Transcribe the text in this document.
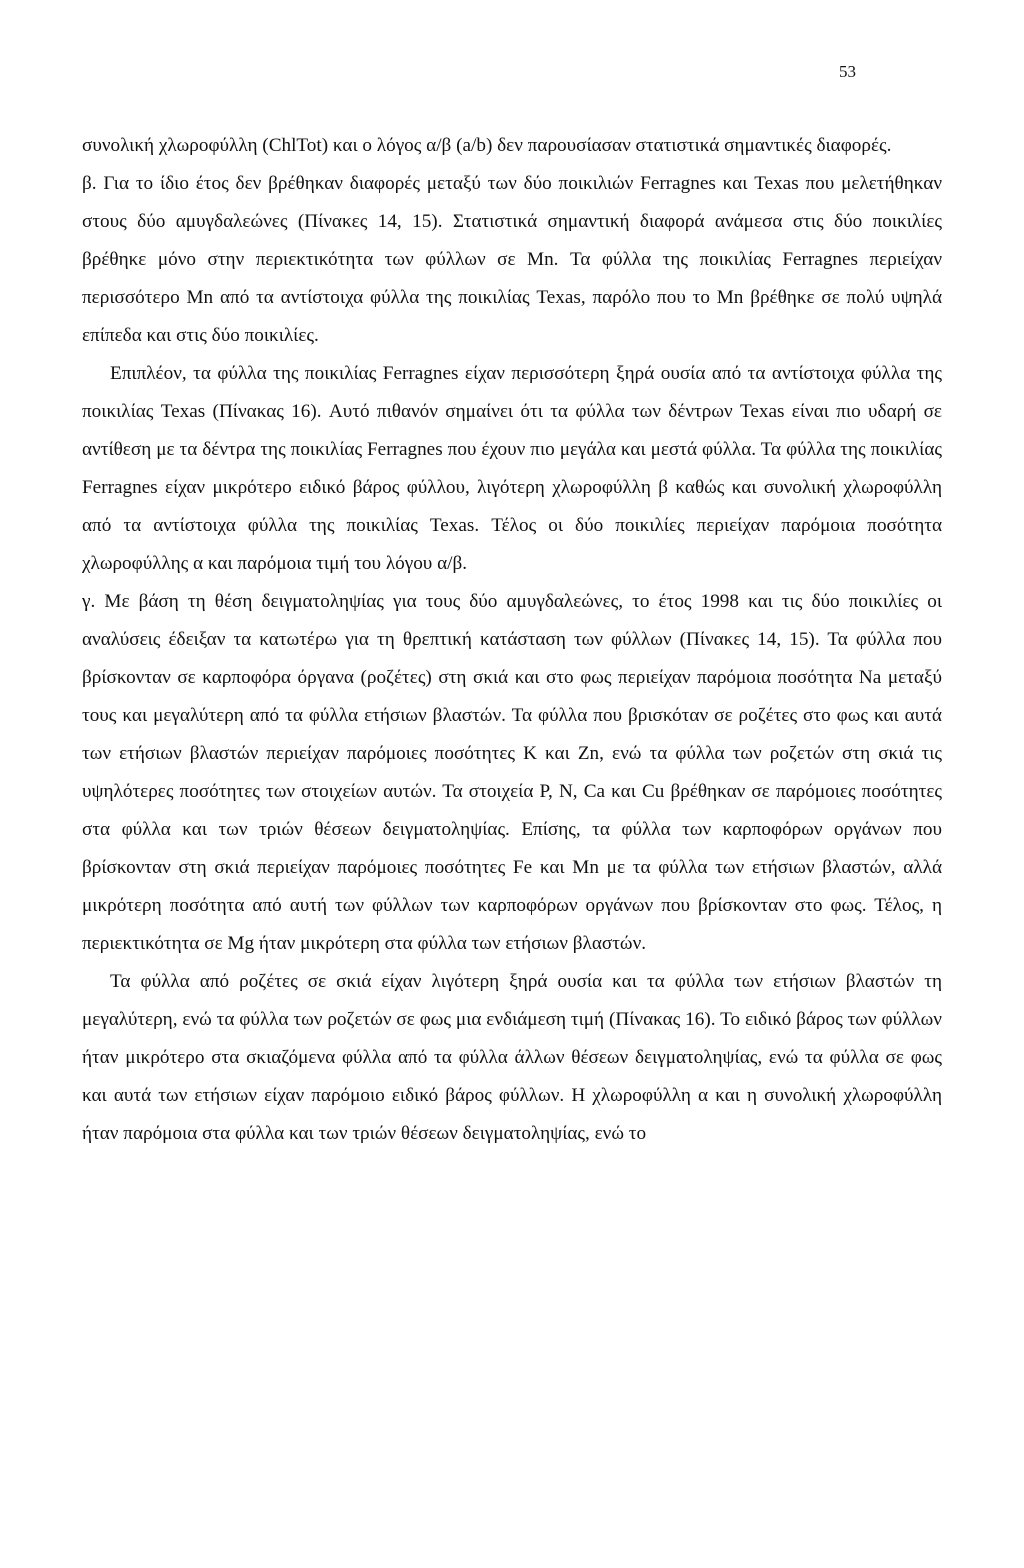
53

συνολική χλωροφύλλη (ChlTot) και ο λόγος α/β (a/b) δεν παρουσίασαν στατιστικά σημαντικές διαφορές.

β. Για το ίδιο έτος δεν βρέθηκαν διαφορές μεταξύ των δύο ποικιλιών Ferragnes και Texas που μελετήθηκαν στους δύο αμυγδαλεώνες (Πίνακες 14, 15). Στατιστικά σημαντική διαφορά ανάμεσα στις δύο ποικιλίες βρέθηκε μόνο στην περιεκτικότητα των φύλλων σε Mn. Τα φύλλα της ποικιλίας Ferragnes περιείχαν περισσότερο Mn από τα αντίστοιχα φύλλα της ποικιλίας Texas, παρόλο που το Mn βρέθηκε σε πολύ υψηλά επίπεδα και στις δύο ποικιλίες.

Επιπλέον, τα φύλλα της ποικιλίας Ferragnes είχαν περισσότερη ξηρά ουσία από τα αντίστοιχα φύλλα της ποικιλίας Texas (Πίνακας 16). Αυτό πιθανόν σημαίνει ότι τα φύλλα των δέντρων Texas είναι πιο υδαρή σε αντίθεση με τα δέντρα της ποικιλίας Ferragnes που έχουν πιο μεγάλα και μεστά φύλλα. Τα φύλλα της ποικιλίας Ferragnes είχαν μικρότερο ειδικό βάρος φύλλου, λιγότερη χλωροφύλλη β καθώς και συνολική χλωροφύλλη από τα αντίστοιχα φύλλα της ποικιλίας Texas. Τέλος οι δύο ποικιλίες περιείχαν παρόμοια ποσότητα χλωροφύλλης α και παρόμοια τιμή του λόγου α/β.

γ. Με βάση τη θέση δειγματοληψίας για τους δύο αμυγδαλεώνες, το έτος 1998 και τις δύο ποικιλίες οι αναλύσεις έδειξαν τα κατωτέρω για τη θρεπτική κατάσταση των φύλλων (Πίνακες 14, 15). Τα φύλλα που βρίσκονταν σε καρποφόρα όργανα (ροζέτες) στη σκιά και στο φως περιείχαν παρόμοια ποσότητα Na μεταξύ τους και μεγαλύτερη από τα φύλλα ετήσιων βλαστών. Τα φύλλα που βρισκόταν σε ροζέτες στο φως και αυτά των ετήσιων βλαστών περιείχαν παρόμοιες ποσότητες K και Zn, ενώ τα φύλλα των ροζετών στη σκιά τις υψηλότερες ποσότητες των στοιχείων αυτών. Τα στοιχεία P, N, Ca και Cu βρέθηκαν σε παρόμοιες ποσότητες στα φύλλα και των τριών θέσεων δειγματοληψίας. Επίσης, τα φύλλα των καρποφόρων οργάνων που βρίσκονταν στη σκιά περιείχαν παρόμοιες ποσότητες Fe και Mn με τα φύλλα των ετήσιων βλαστών, αλλά μικρότερη ποσότητα από αυτή των φύλλων των καρποφόρων οργάνων που βρίσκονταν στο φως. Τέλος, η περιεκτικότητα σε Mg ήταν μικρότερη στα φύλλα των ετήσιων βλαστών.

Τα φύλλα από ροζέτες σε σκιά είχαν λιγότερη ξηρά ουσία και τα φύλλα των ετήσιων βλαστών τη μεγαλύτερη, ενώ τα φύλλα των ροζετών σε φως μια ενδιάμεση τιμή (Πίνακας 16). Το ειδικό βάρος των φύλλων ήταν μικρότερο στα σκιαζόμενα φύλλα από τα φύλλα άλλων θέσεων δειγματοληψίας, ενώ τα φύλλα σε φως και αυτά των ετήσιων είχαν παρόμοιο ειδικό βάρος φύλλων. Η χλωροφύλλη α και η συνολική χλωροφύλλη ήταν παρόμοια στα φύλλα και των τριών θέσεων δειγματοληψίας, ενώ το
